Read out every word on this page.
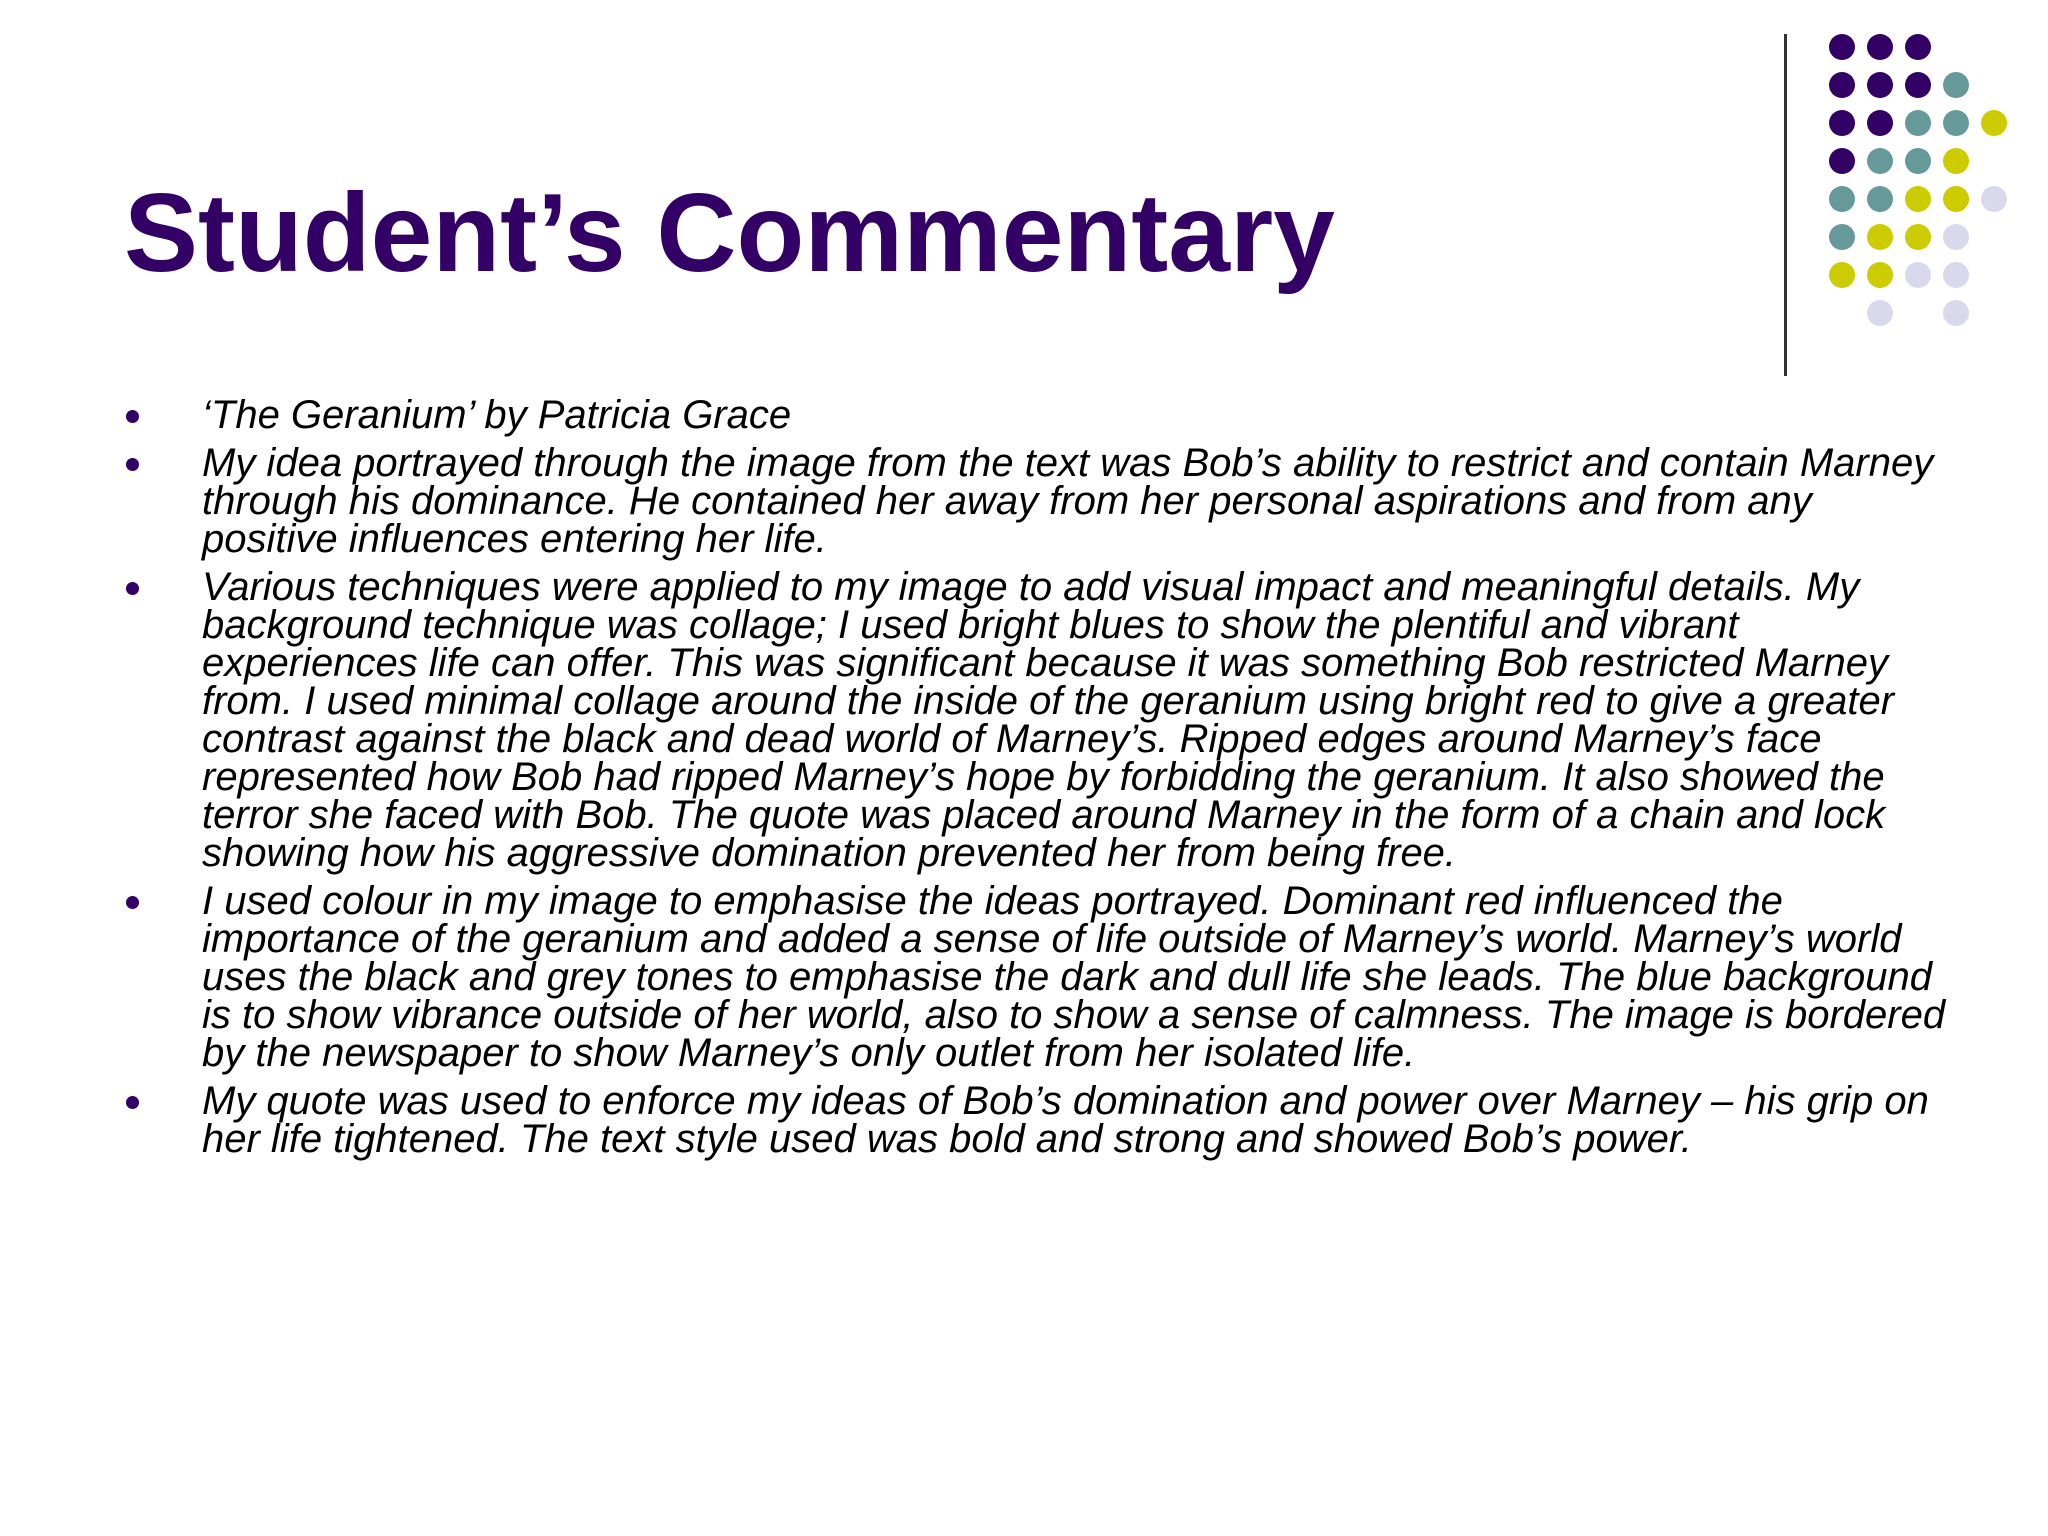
Student’s Commentary
‘The Geranium’ by Patricia Grace
My idea portrayed through the image from the text was Bob’s ability to restrict and contain Marney through his dominance. He contained her away from her personal aspirations and from any positive influences entering her life.
Various techniques were applied to my image to add visual impact and meaningful details. My background technique was collage; I used bright blues to show the plentiful and vibrant experiences life can offer. This was significant because it was something Bob restricted Marney from. I used minimal collage around the inside of the geranium using bright red to give a greater contrast against the black and dead world of Marney’s. Ripped edges around Marney’s face represented how Bob had ripped Marney’s hope by forbidding the geranium. It also showed the terror she faced with Bob. The quote was placed around Marney in the form of a chain and lock showing how his aggressive domination prevented her from being free.
I used colour in my image to emphasise the ideas portrayed. Dominant red influenced the importance of the geranium and added a sense of life outside of Marney’s world. Marney’s world uses the black and grey tones to emphasise the dark and dull life she leads. The blue background is to show vibrance outside of her world, also to show a sense of calmness. The image is bordered by the newspaper to show Marney’s only outlet from her isolated life.
My quote was used to enforce my ideas of Bob’s domination and power over Marney – his grip on her life tightened. The text style used was bold and strong and showed Bob’s power.
